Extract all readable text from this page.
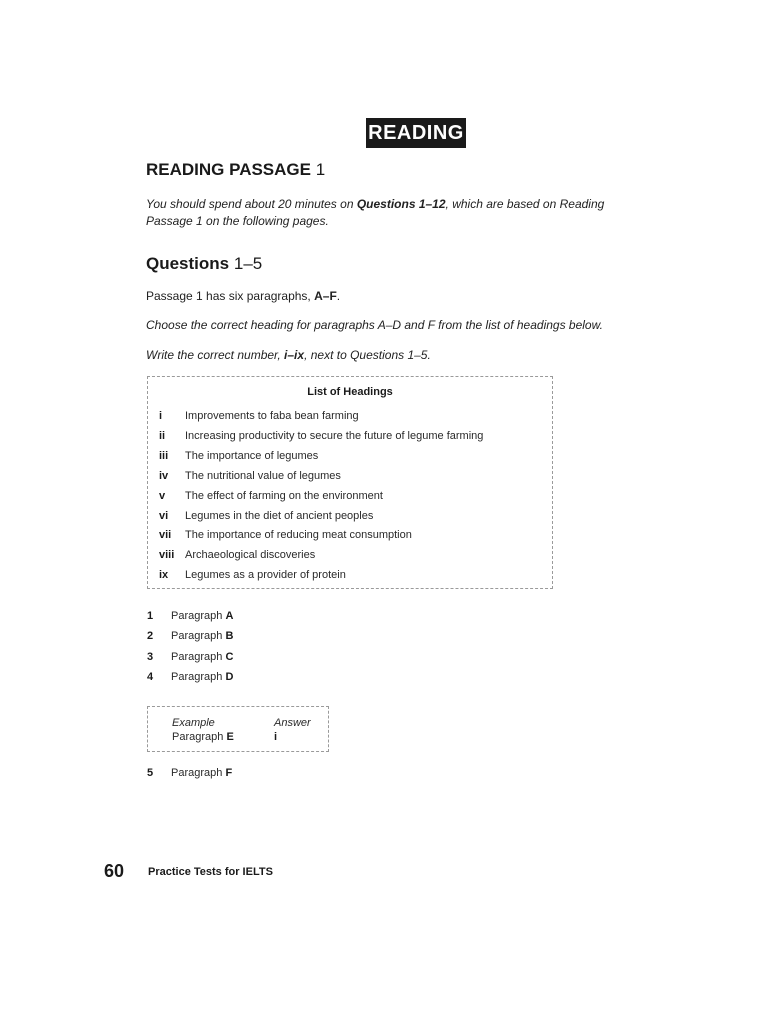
READING
READING PASSAGE 1
You should spend about 20 minutes on Questions 1–12, which are based on Reading Passage 1 on the following pages.
Questions 1–5
Passage 1 has six paragraphs, A–F.
Choose the correct heading for paragraphs A–D and F from the list of headings below.
Write the correct number, i–ix, next to Questions 1–5.
List of Headings
i	Improvements to faba bean farming
ii	Increasing productivity to secure the future of legume farming
iii	The importance of legumes
iv	The nutritional value of legumes
v	The effect of farming on the environment
vi	Legumes in the diet of ancient peoples
vii	The importance of reducing meat consumption
viii Archaeological discoveries
ix	Legumes as a provider of protein
1	Paragraph A
2	Paragraph B
3	Paragraph C
4	Paragraph D
Example	Answer
Paragraph E	i
5	Paragraph F
60 Practice Tests for IELTS
